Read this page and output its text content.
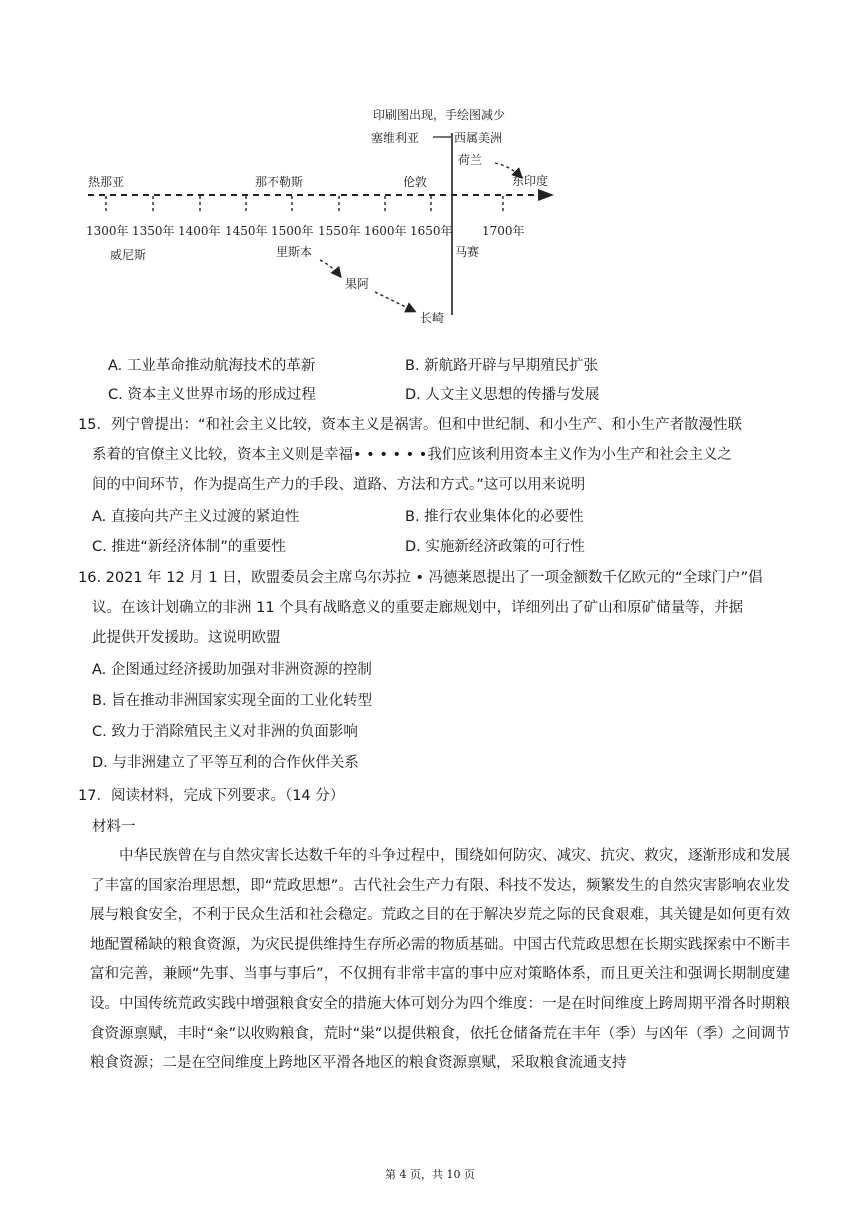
热那亚	那不勒斯	伦敦
1300年 1350年 1400年 1450年 1500年 1550年 1600年 1650年 1700年
威尼斯	里斯本
果阿
长崎
马赛
印刷图出现，手绘图减少
塞维利亚	西属美洲
荷兰
东印度
A. 工业革命推动航海技术的革新	B. 新航路开辟与早期殖民扩张
C. 资本主义世界市场的形成过程	D. 人文主义思想的传播与发展
15．列宁曾提出：“和社会主义比较，资本主义是祸害。但和中世纪制、和小生产、和小生产者散漫性联
系着的官僚主义比较，资本主义则是幸福• • • • • •我们应该利用资本主义作为小生产和社会主义之
间的中间环节，作为提高生产力的手段、道路、方法和方式。”这可以用来说明
A. 直接向共产主义过渡的紧迫性	B. 推行农业集体化的必要性
C. 推进“新经济体制”的重要性	D. 实施新经济政策的可行性
16. 2021 年 12 月 1 日，欧盟委员会主席乌尔苏拉 • 冯德莱恩提出了一项金额数千亿欧元的“全球门户”倡
议。在该计划确立的非洲 11 个具有战略意义的重要走廊规划中，详细列出了矿山和原矿储量等，并据
此提供开发援助。这说明欧盟
A. 企图通过经济援助加强对非洲资源的控制
B. 旨在推动非洲国家实现全面的工业化转型
C. 致力于消除殖民主义对非洲的负面影响
D. 与非洲建立了平等互利的合作伙伴关系
17．阅读材料，完成下列要求。（14 分）
材料一
中华民族曾在与自然灾害长达数千年的斗争过程中，围绕如何防灾、减灾、抗灾、救灾，逐渐形成和发展了丰富的国家治理思想，即“荒政思想”。古代社会生产力有限、科技不发达，频繁发生的自然灾害影响农业发展与粮食安全，不利于民众生活和社会稳定。荒政之目的在于解决岁荒之际的民食艰难，其关键是如何更有效地配置稀缺的粮食资源，为灾民提供维持生存所必需的物质基础。中国古代荒政思想在长期实践探索中不断丰富和完善，兼顾“先事、当事与事后”，不仅拥有非常丰富的事中应对策略体系，而且更关注和强调长期制度建设。 中国传统荒政实践中增强粮食安全的措施大体可划分为四个维度：一是在时间维度上跨周期平滑各时期粮食资源禀赋，丰时“籴”以收购粮食，荒时“粜”以提供粮食，依托仓储备荒在丰年（季）与凶年（季）之间调节粮食资源；二是在空间维度上跨地区平滑各地区的粮食资源禀赋，采取粮食流通支持
第 4 页，共 10 页
